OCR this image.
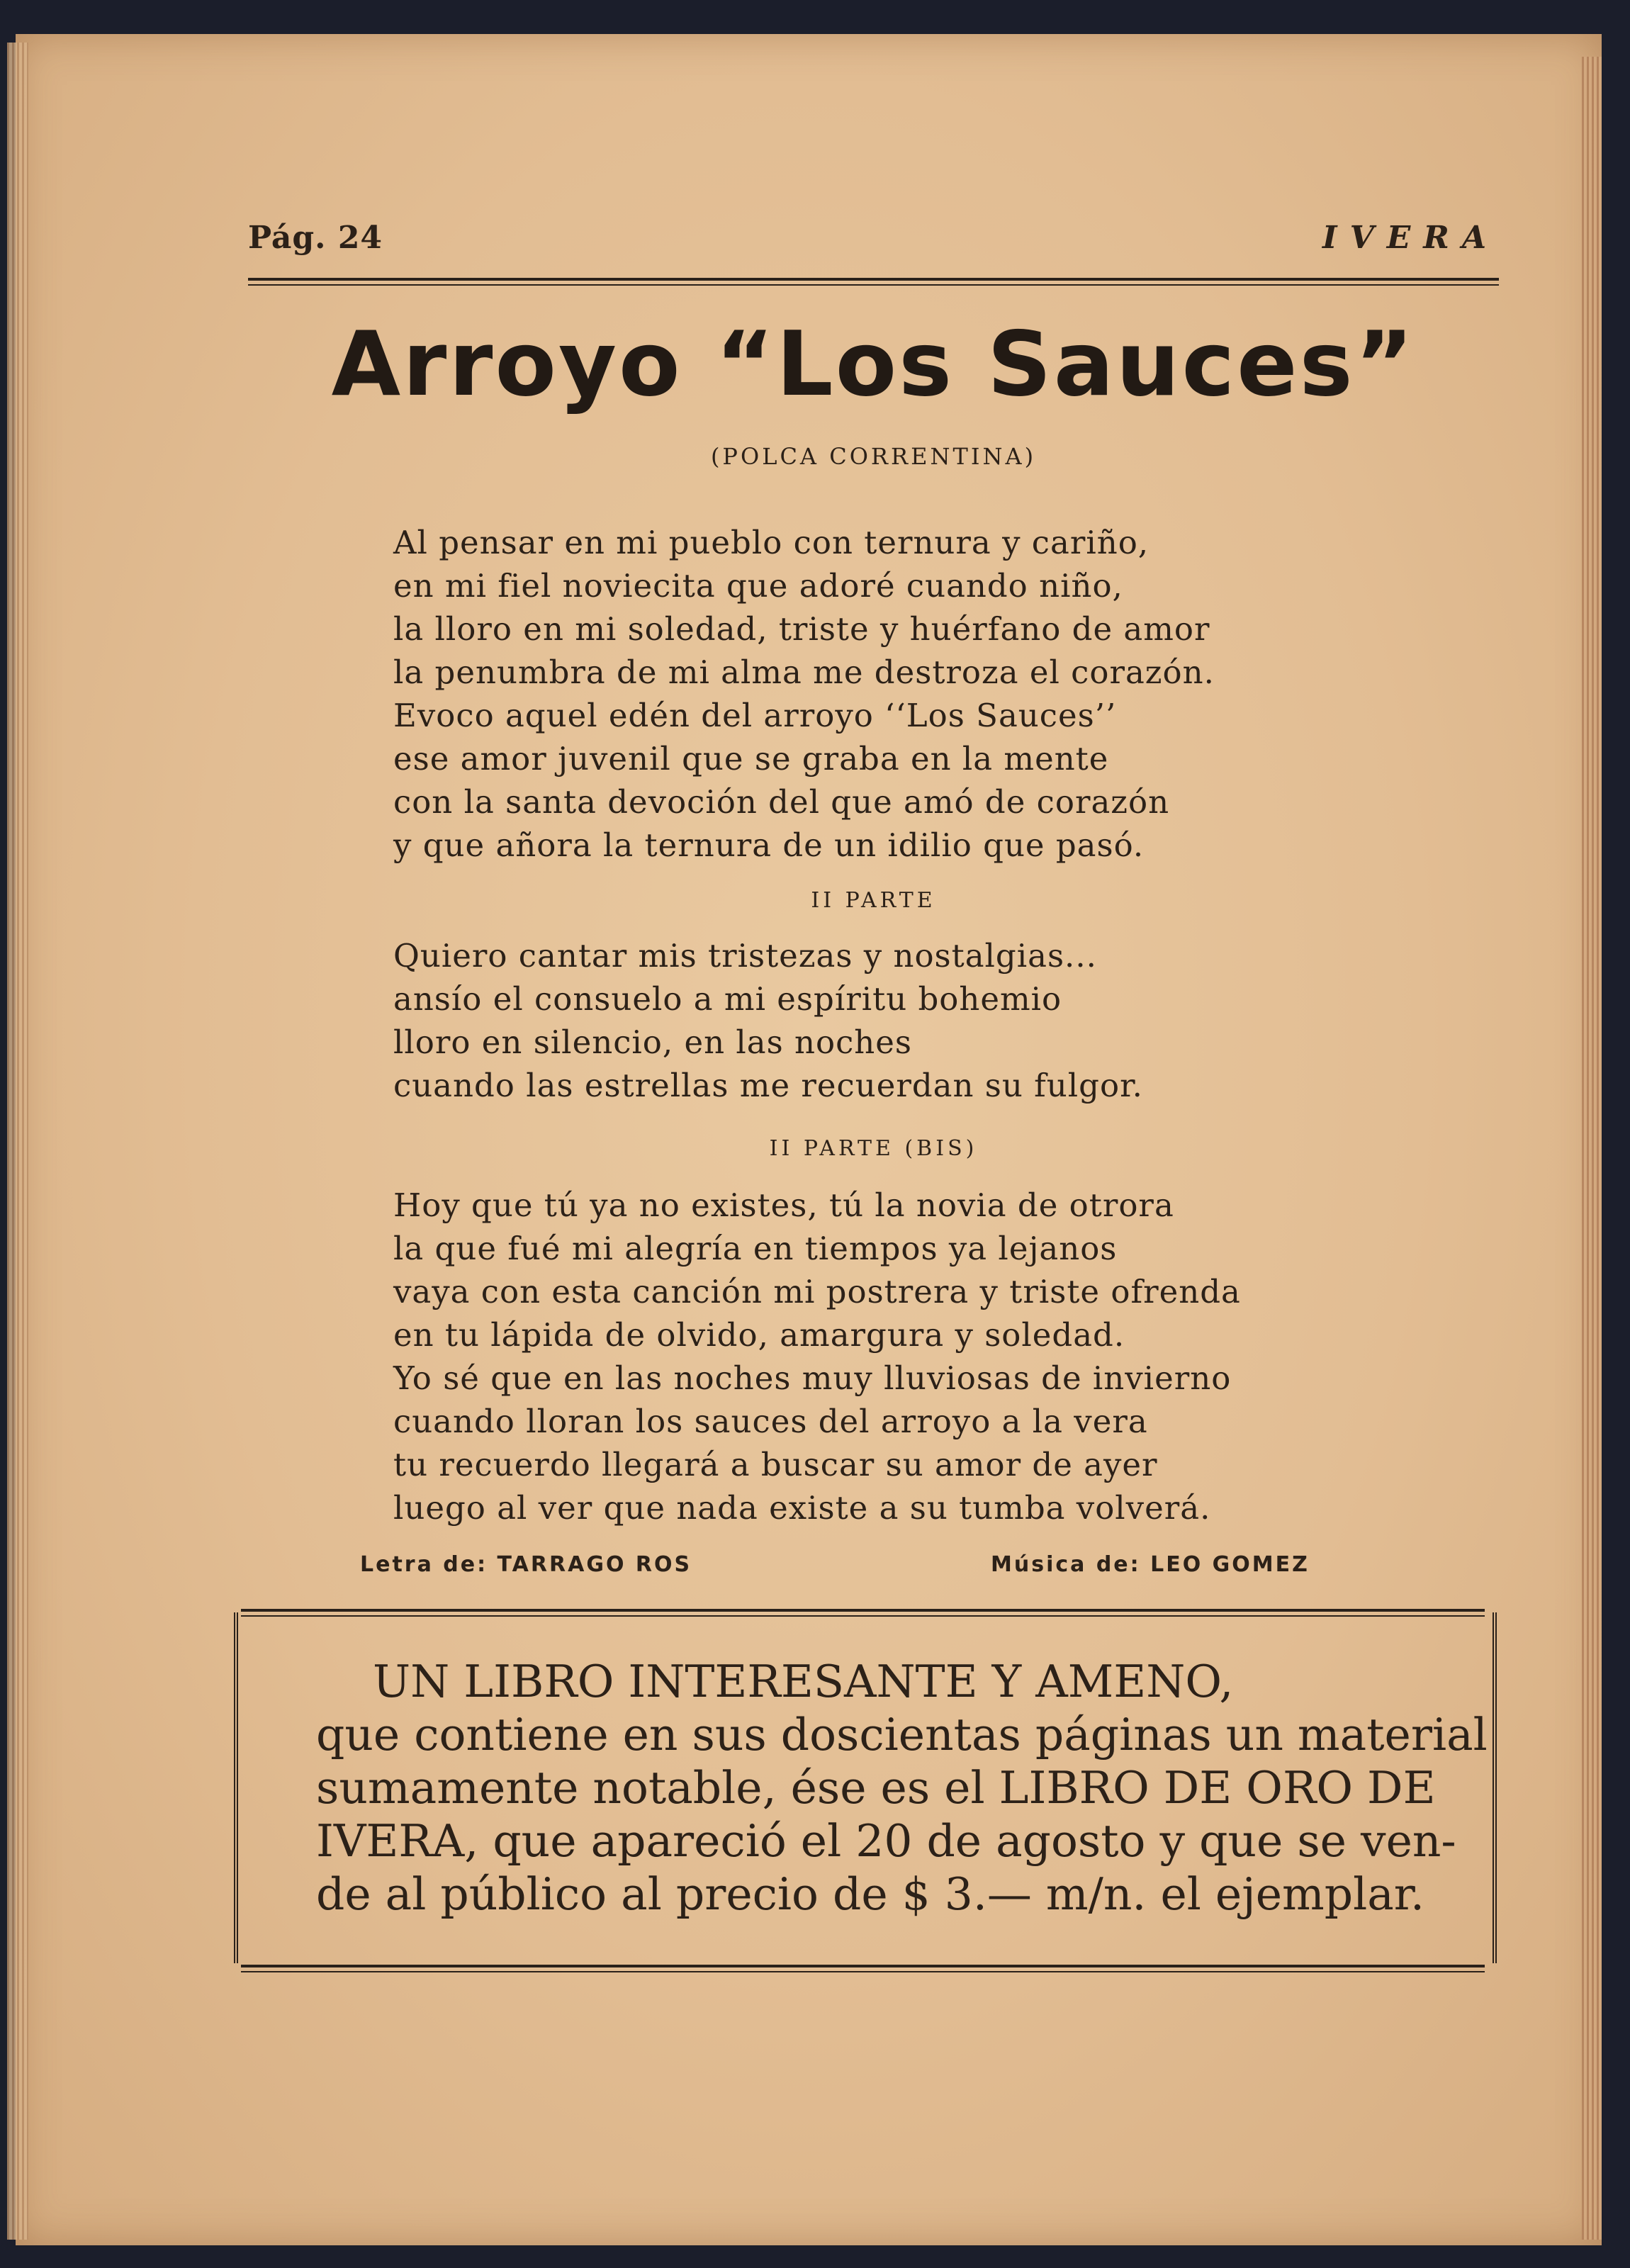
Pág. 24	IVERA
Arroyo “Los Sauces”
(POLCA CORRENTINA)
Al pensar en mi pueblo con ternura y cariño,
en mi fiel noviecita que adoré cuando niño,
la lloro en mi soledad, triste y huérfano de amor
la penumbra de mi alma me destroza el corazón.
Evoco aquel edén del arroyo ‘‘Los Sauces’’
ese amor juvenil que se graba en la mente
con la santa devoción del que amó de corazón
y que añora la ternura de un idilio que pasó.
II PARTE
Quiero cantar mis tristezas y nostalgias...
ansío el consuelo a mi espíritu bohemio
lloro en silencio, en las noches
cuando las estrellas me recuerdan su fulgor.
II PARTE (BIS)
Hoy que tú ya no existes, tú la novia de otrora
la que fué mi alegría en tiempos ya lejanos
vaya con esta canción mi postrera y triste ofrenda
en tu lápida de olvido, amargura y soledad.
Yo sé que en las noches muy lluviosas de invierno
cuando lloran los sauces del arroyo a la vera
tu recuerdo llegará a buscar su amor de ayer
luego al ver que nada existe a su tumba volverá.
Letra de: TARRAGO ROS	Música de: LEO GOMEZ
UN LIBRO INTERESANTE Y AMENO,
que contiene en sus doscientas páginas un material
sumamente notable, ése es el LIBRO DE ORO DE
IVERA, que apareció el 20 de agosto y que se ven-
de al público al precio de $ 3.— m/n. el ejemplar.
